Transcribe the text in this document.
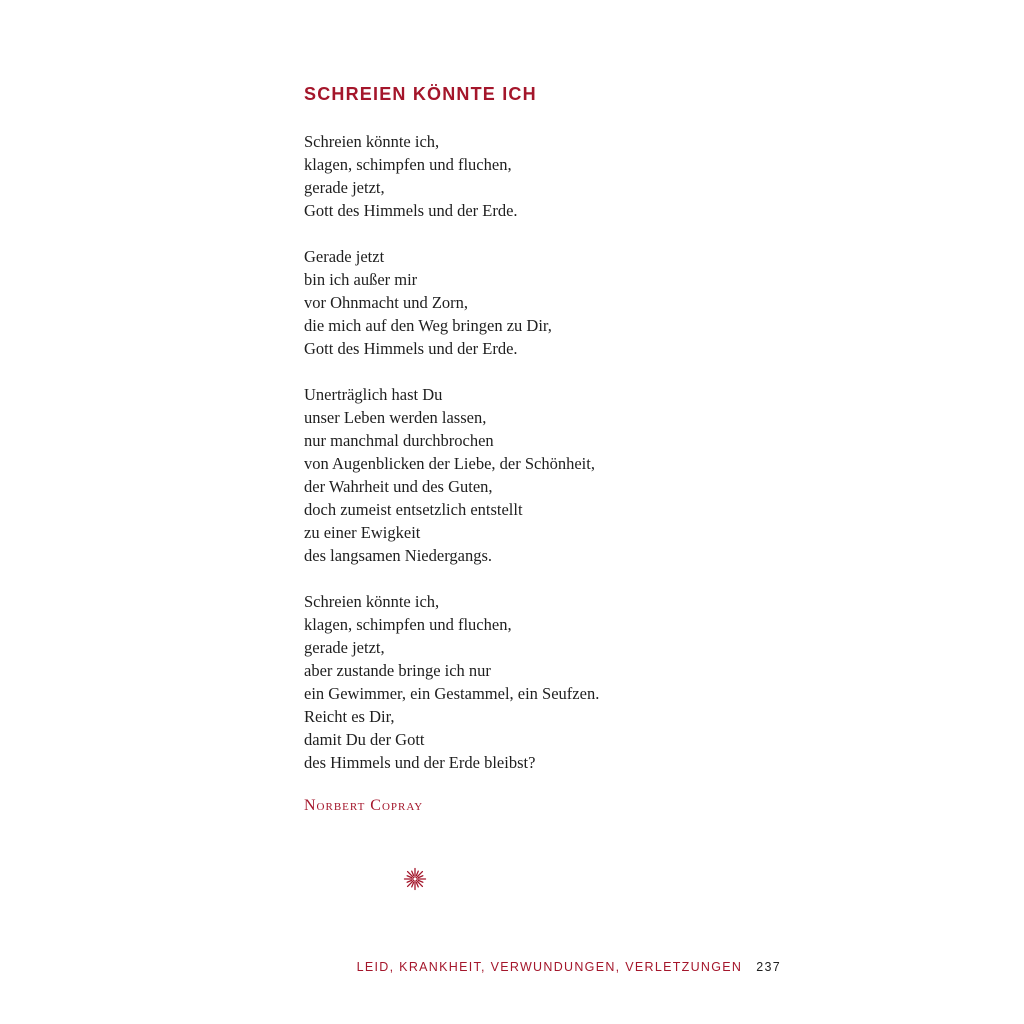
SCHREIEN KÖNNTE ICH
Schreien könnte ich,
klagen, schimpfen und fluchen,
gerade jetzt,
Gott des Himmels und der Erde.
Gerade jetzt
bin ich außer mir
vor Ohnmacht und Zorn,
die mich auf den Weg bringen zu Dir,
Gott des Himmels und der Erde.
Unerträglich hast Du
unser Leben werden lassen,
nur manchmal durchbrochen
von Augenblicken der Liebe, der Schönheit,
der Wahrheit und des Guten,
doch zumeist entsetzlich entstellt
zu einer Ewigkeit
des langsamen Niedergangs.
Schreien könnte ich,
klagen, schimpfen und fluchen,
gerade jetzt,
aber zustande bringe ich nur
ein Gewimmer, ein Gestammel, ein Seufzen.
Reicht es Dir,
damit Du der Gott
des Himmels und der Erde bleibst?
Norbert Copray
LEID, KRANKHEIT, VERWUNDUNGEN, VERLETZUNGEN 237
